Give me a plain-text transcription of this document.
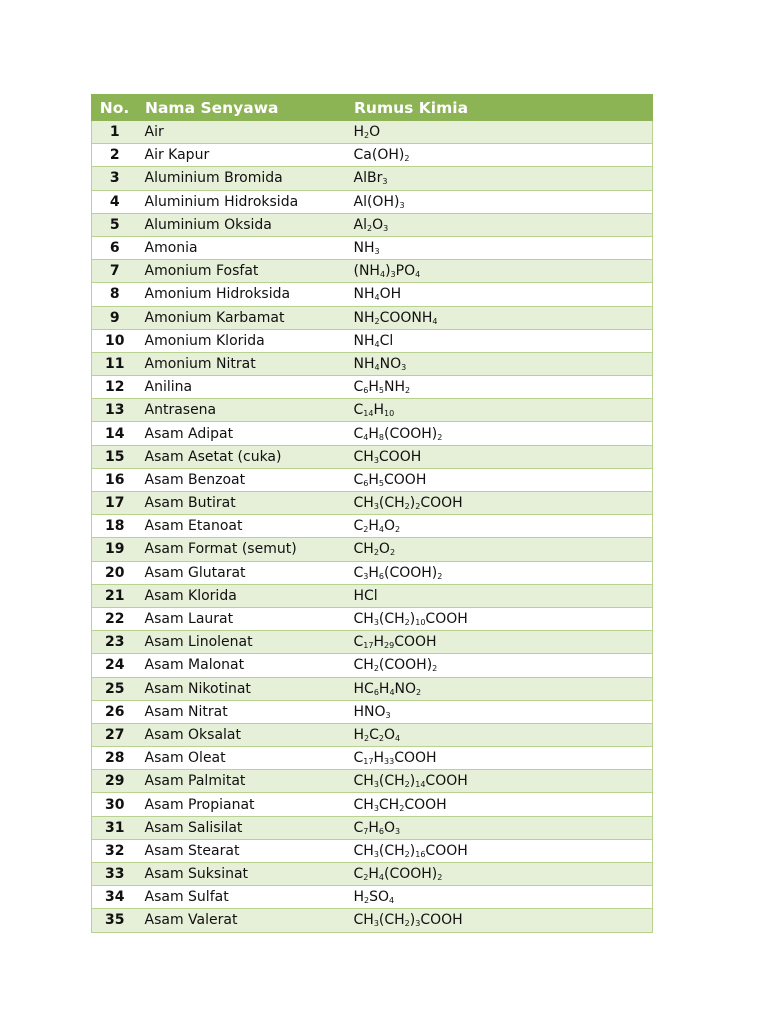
No.	Nama Senyawa	Rumus Kimia
1	Air	$H_2O$
2	Air Kapur	$Ca(OH)_2$
3	Aluminium Bromida	AlBr$_3$
4	Aluminium Hidroksida	$Al(OH)_3$
5	Aluminium Oksida	$Al_2O_3$
6	Amonia	$NH_3$
7	Amonium Fosfat	$(NH_4)_3PO_4$
8	Amonium Hidroksida	$NH_4OH$
9	Amonium Karbamat	$NH_2COONH_4$
10	Amonium Klorida	$NH_4Cl$
11	Amonium Nitrat	$NH_4NO_3$
12	Anilina	$C_6H_5NH_2$
13	Antrasena	$C_{14}H_{10}$
14	Asam Adipat	$C_4H_8(COOH)_2$
15	Asam Asetat (cuka)	$CH_3COOH$
16	Asam Benzoat	$C_6H_5COOH$
17	Asam Butirat	$CH_3(CH_2)_2COOH$
18	Asam Etanoat	$C_2H_4O_2$
19	Asam Format (semut)	$CH_2O_2$
20	Asam Glutarat	$C_3H_6(COOH)_2$
21	Asam Klorida	HCl
22	Asam Laurat	$CH_3(CH_2)_{10}COOH$
23	Asam Linolenat	$C_{17}H_{29}COOH$
24	Asam Malonat	$CH_2(COOH)_2$
25	Asam Nikotinat	$HC_6H_4NO_2$
26	Asam Nitrat	$HNO_3$
27	Asam Oksalat	$H_2C_2O_4$
28	Asam Oleat	$C_{17}H_{33}COOH$
29	Asam Palmitat	$CH_3(CH_2)_{14}COOH$
30	Asam Propianat	$CH_3CH_2COOH$
31	Asam Salisilat	$C_7H_6O_3$
32	Asam Stearat	$CH_3(CH_2)_{16}COOH$
33	Asam Suksinat	$C_2H_4(COOH)_2$
34	Asam Sulfat	$H_2SO_4$
35	Asam Valerat	$CH_3(CH_2)_3COOH$
